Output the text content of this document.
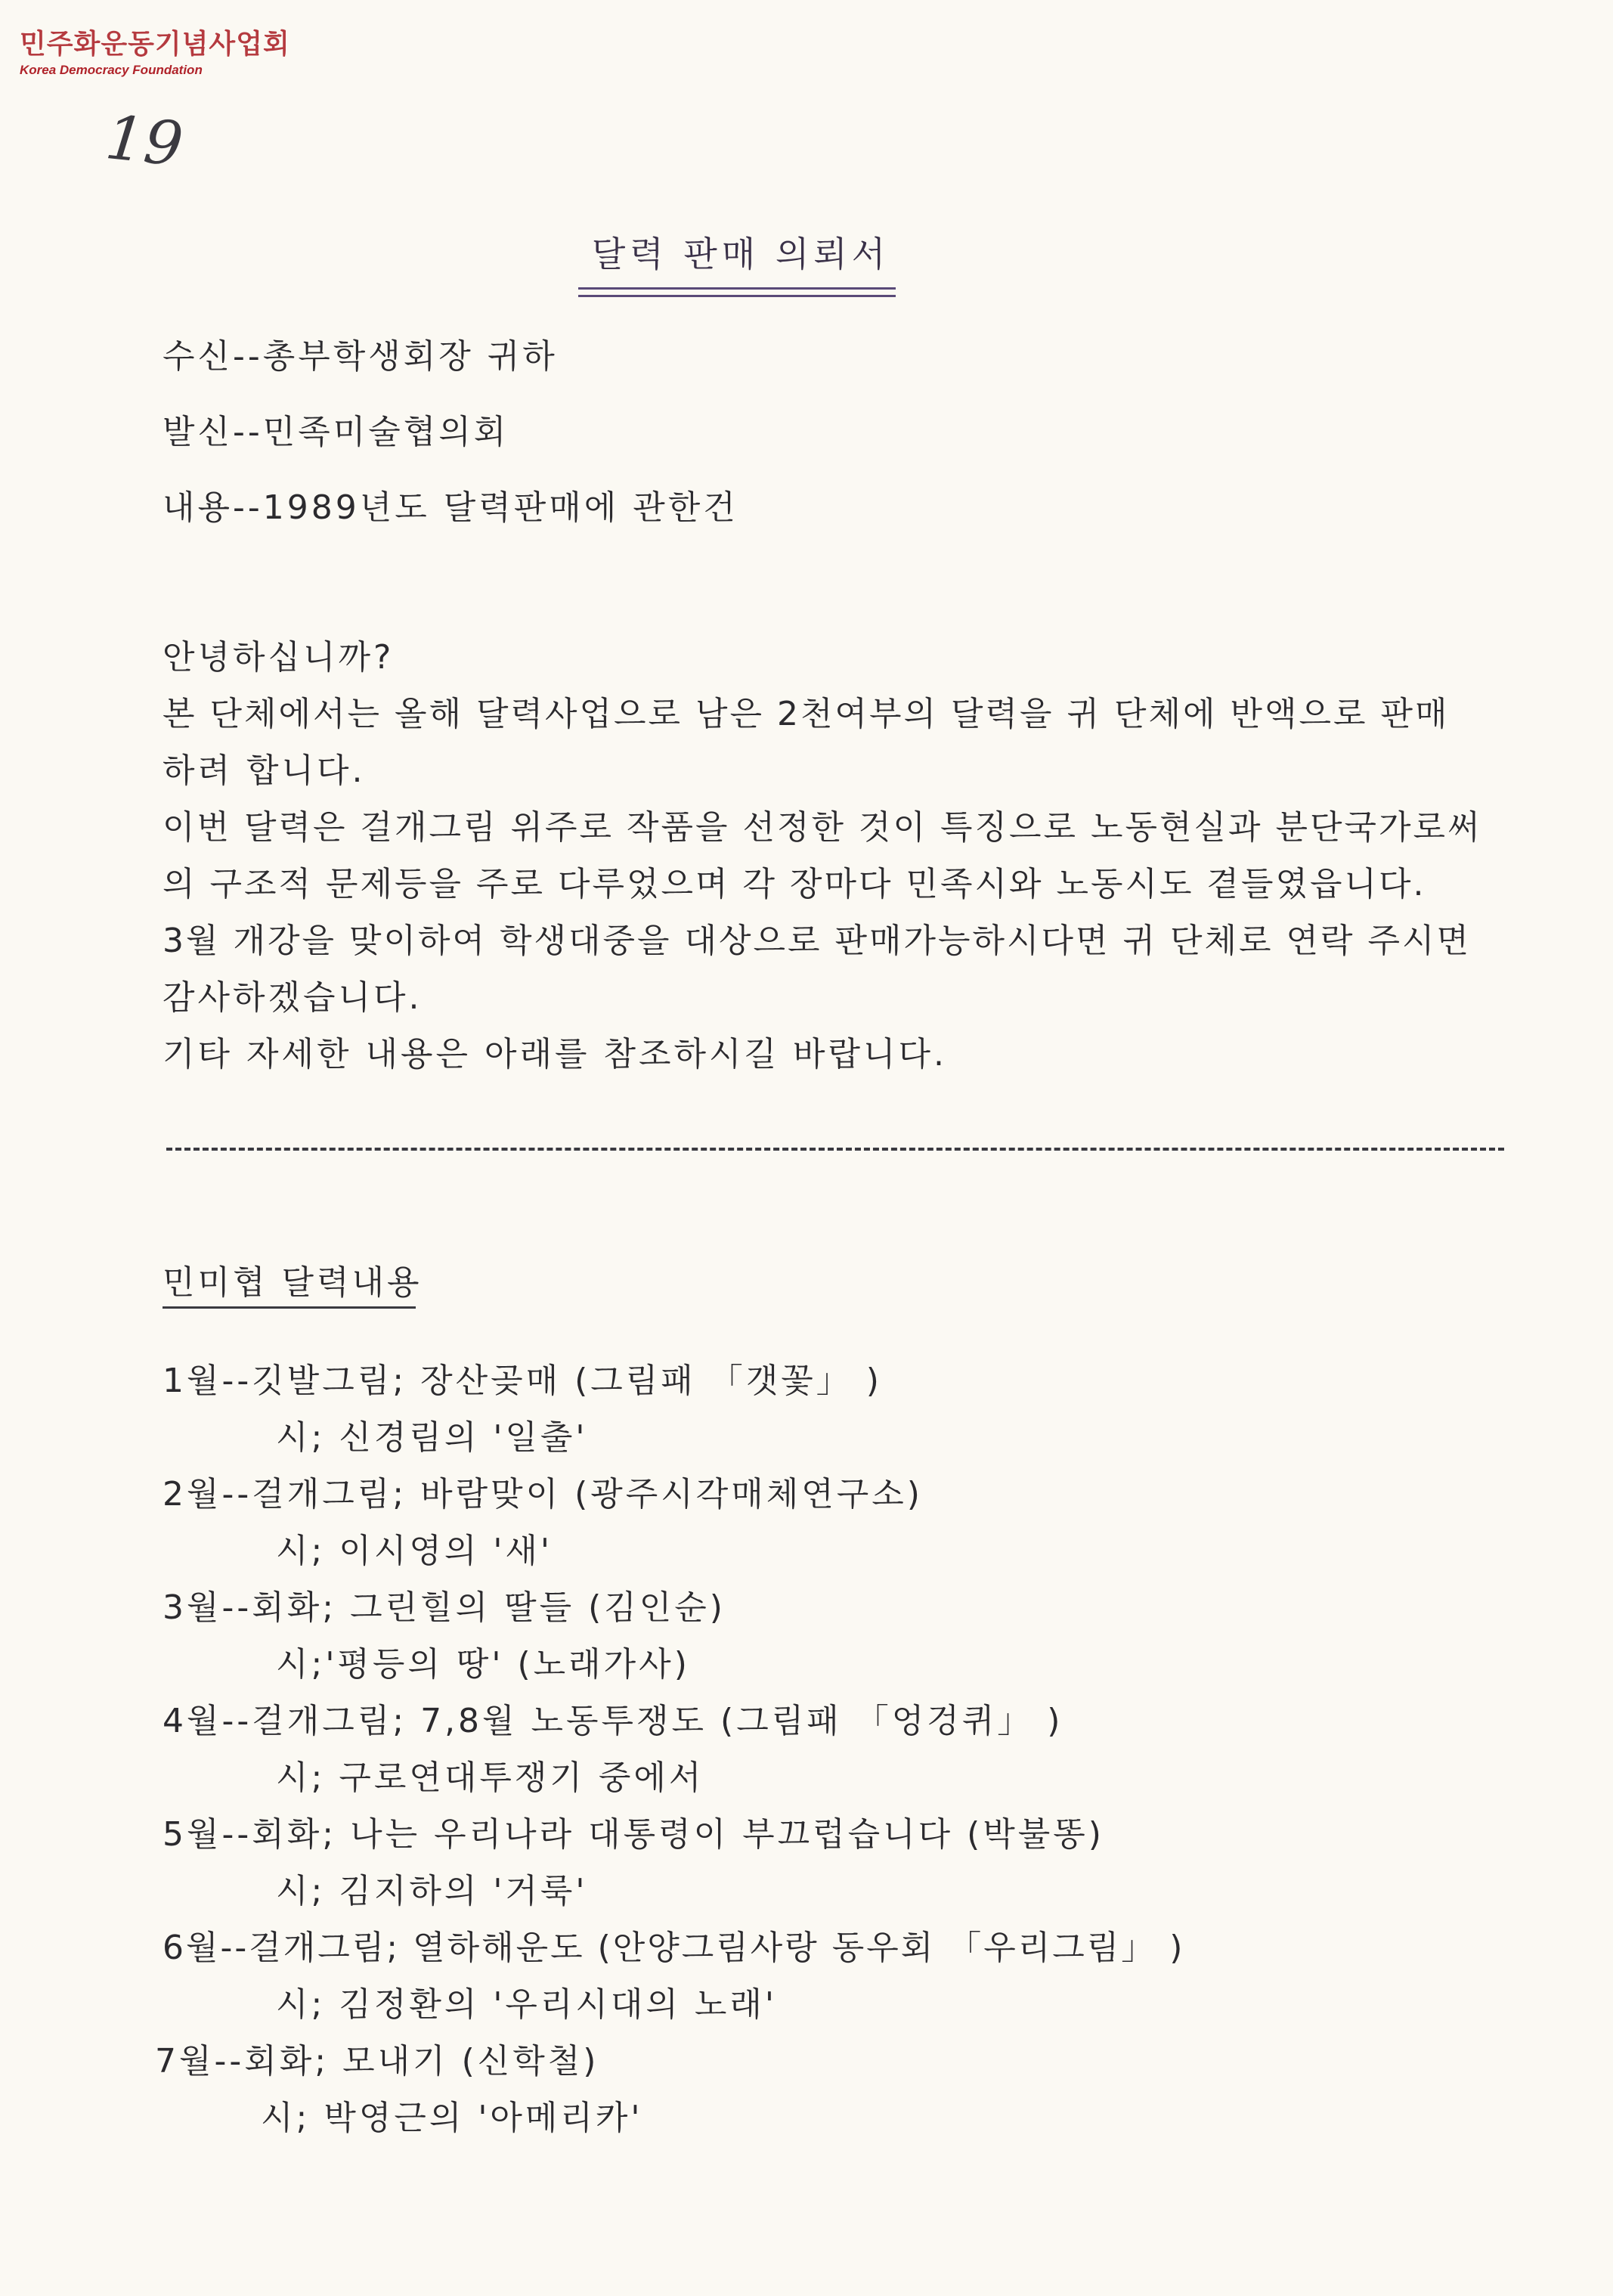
민주화운동기념사업회
Korea Democracy Foundation
19
달력 판매 의뢰서
수신--총부학생회장 귀하
발신--민족미술협의회
내용--1989년도 달력판매에 관한건
안녕하십니까?
본 단체에서는 올해 달력사업으로 남은 2천여부의 달력을 귀 단체에 반액으로 판매
하려 합니다.
이번 달력은 걸개그림 위주로 작품을 선정한 것이 특징으로 노동현실과 분단국가로써
의 구조적 문제등을 주로 다루었으며 각 장마다 민족시와 노동시도 곁들였읍니다.
3월 개강을 맞이하여 학생대중을 대상으로 판매가능하시다면 귀 단체로 연락 주시면
감사하겠습니다.
기타 자세한 내용은 아래를 참조하시길 바랍니다.
민미협 달력내용
1월--깃발그림; 장산곶매 (그림패 「갯꽃」 )
시; 신경림의 '일출'
2월--걸개그림; 바람맞이 (광주시각매체연구소)
시; 이시영의 '새'
3월--회화; 그린힐의 딸들 (김인순)
시;'평등의 땅' (노래가사)
4월--걸개그림; 7,8월 노동투쟁도 (그림패 「엉겅퀴」 )
시; 구로연대투쟁기 중에서
5월--회화; 나는 우리나라 대통령이 부끄럽습니다 (박불똥)
시; 김지하의 '거룩'
6월--걸개그림; 열하해운도 (안양그림사랑 동우회 「우리그림」 )
시; 김정환의 '우리시대의 노래'
7월--회화; 모내기 (신학철)
시; 박영근의 '아메리카'
